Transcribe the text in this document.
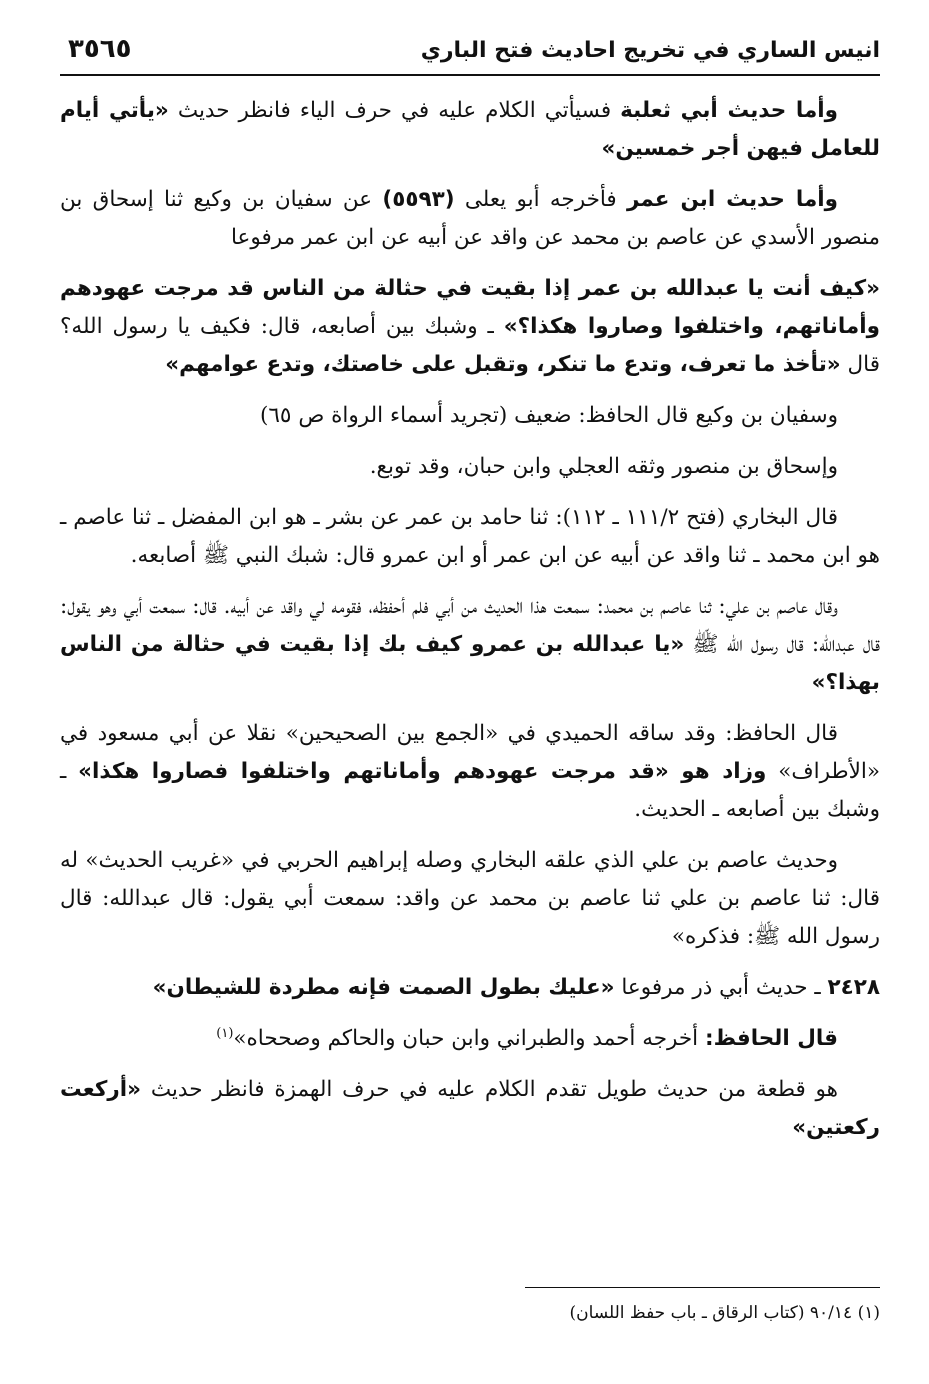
انيس الساري في تخريج احاديث فتح الباري
٣٥٦٥

وأما حديث أبي ثعلبة فسيأتي الكلام عليه في حرف الياء فانظر حديث «يأتي أيام للعامل فيهن أجر خمسين»

وأما حديث ابن عمر فأخرجه أبو يعلى (٥٥٩٣) عن سفيان بن وكيع ثنا إسحاق بن منصور الأسدي عن عاصم بن محمد عن واقد عن أبيه عن ابن عمر مرفوعا

«كيف أنت يا عبدالله بن عمر إذا بقيت في حثالة من الناس قد مرجت عهودهم وأماناتهم، واختلفوا وصاروا هكذا؟» ـ وشبك بين أصابعه، قال: فكيف يا رسول الله؟ قال «تأخذ ما تعرف، وتدع ما تنكر، وتقبل على خاصتك، وتدع عوامهم»

وسفيان بن وكيع قال الحافظ: ضعيف (تجريد أسماء الرواة ص ٦٥)

وإسحاق بن منصور وثقه العجلي وابن حبان، وقد توبع.

قال البخاري (فتح ١١١/٢ ـ ١١٢): ثنا حامد بن عمر عن بشر ـ هو ابن المفضل ـ ثنا عاصم ـ هو ابن محمد ـ ثنا واقد عن أبيه عن ابن عمر أو ابن عمرو قال: شبك النبي ﷺ أصابعه.

وقال عاصم بن علي: ثنا عاصم بن محمد: سمعت هذا الحديث من أبي فلم أحفظه، فقومه لي واقد عن أبيه. قال: سمعت أبي وهو يقول: قال عبدالله: قال رسول الله ﷺ «يا عبدالله بن عمرو كيف بك إذا بقيت في حثالة من الناس بهذا؟»

قال الحافظ: وقد ساقه الحميدي في «الجمع بين الصحيحين» نقلا عن أبي مسعود في «الأطراف» وزاد هو «قد مرجت عهودهم وأماناتهم واختلفوا فصاروا هكذا» ـ وشبك بين أصابعه ـ الحديث.

وحديث عاصم بن علي الذي علقه البخاري وصله إبراهيم الحربي في «غريب الحديث» له قال: ثنا عاصم بن علي ثنا عاصم بن محمد عن واقد: سمعت أبي يقول: قال عبدالله: قال رسول الله ﷺ: فذكره»

٢٤٢٨ ـ حديث أبي ذر مرفوعا «عليك بطول الصمت فإنه مطردة للشيطان»

قال الحافظ: أخرجه أحمد والطبراني وابن حبان والحاكم وصححاه»$^{(١)}$

هو قطعة من حديث طويل تقدم الكلام عليه في حرف الهمزة فانظر حديث «أركعت ركعتين»

(١) ٩٠/١٤ (كتاب الرقاق ـ باب حفظ اللسان)
